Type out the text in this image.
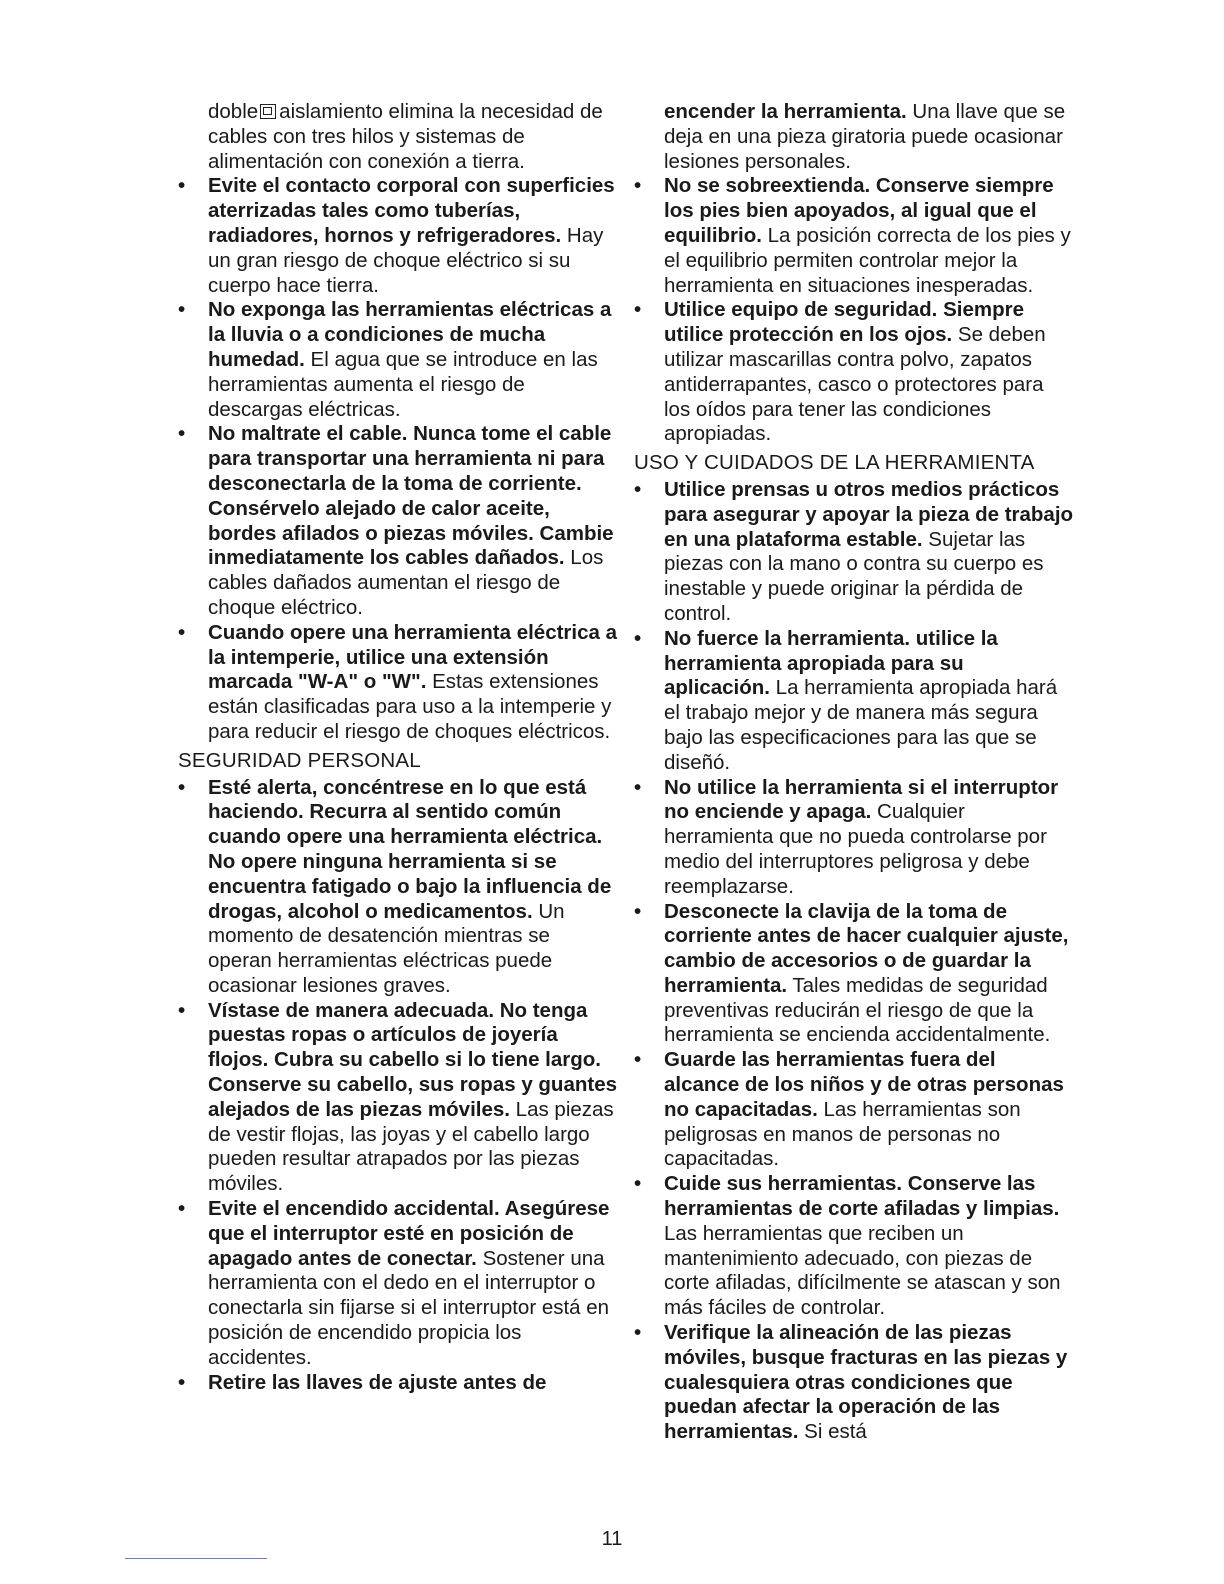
doble aislamiento elimina la necesidad de cables con tres hilos y sistemas de alimentación con conexión a tierra.

•	Evite el contacto corporal con superficies aterrizadas tales como tuberías, radiadores, hornos y refrigeradores. Hay un gran riesgo de choque eléctrico si su cuerpo hace tierra.

•	No exponga las herramientas eléctricas a la lluvia o a condiciones de mucha humedad. El agua que se introduce en las herramientas aumenta el riesgo de descargas eléctricas.

•	No maltrate el cable. Nunca tome el cable para transportar una herramienta ni para desconectarla de la toma de corriente. Consérvelo alejado de calor aceite, bordes afilados o piezas móviles. Cambie inmediatamente los cables dañados. Los cables dañados aumentan el riesgo de choque eléctrico.

•	Cuando opere una herramienta eléctrica a la intemperie, utilice una extensión marcada "W-A" o "W". Estas extensiones están clasificadas para uso a la intemperie y para reducir el riesgo de choques eléctricos.

SEGURIDAD PERSONAL

•	Esté alerta, concéntrese en lo que está haciendo. Recurra al sentido común cuando opere una herramienta eléctrica. No opere ninguna herramienta si se encuentra fatigado o bajo la influencia de drogas, alcohol o medicamentos. Un momento de desatención mientras se operan herramientas eléctricas puede ocasionar lesiones graves.

•	Vístase de manera adecuada. No tenga puestas ropas o artículos de joyería flojos. Cubra su cabello si lo tiene largo. Conserve su cabello, sus ropas y guantes alejados de las piezas móviles. Las piezas de vestir flojas, las joyas y el cabello largo pueden resultar atrapados por las piezas móviles.

•	Evite el encendido accidental. Asegúrese que el interruptor esté en posición de apagado antes de conectar. Sostener una herramienta con el dedo en el interruptor o conectarla sin fijarse si el interruptor está en posición de encendido propicia los accidentes.

•	Retire las llaves de ajuste antes de

encender la herramienta. Una llave que se deja en una pieza giratoria puede ocasionar lesiones personales.

•	No se sobreextienda. Conserve siempre los pies bien apoyados, al igual que el equilibrio. La posición correcta de los pies y el equilibrio permiten controlar mejor la herramienta en situaciones inesperadas.

•	Utilice equipo de seguridad. Siempre utilice protección en los ojos. Se deben utilizar mascarillas contra polvo, zapatos antiderrapantes, casco o protectores para los oídos para tener las condiciones apropiadas.

USO Y CUIDADOS DE LA HERRAMIENTA

•	Utilice prensas u otros medios prácticos para asegurar y apoyar la pieza de trabajo en una plataforma estable. Sujetar las piezas con la mano o contra su cuerpo es inestable y puede originar la pérdida de control.

•	No fuerce la herramienta. utilice la herramienta apropiada para su aplicación. La herramienta apropiada hará el trabajo mejor y de manera más segura bajo las especificaciones para las que se diseñó.

•	No utilice la herramienta si el interruptor no enciende y apaga. Cualquier herramienta que no pueda controlarse por medio del interruptores peligrosa y debe reemplazarse.

•	Desconecte la clavija de la toma de corriente antes de hacer cualquier ajuste, cambio de accesorios o de guardar la herramienta. Tales medidas de seguridad preventivas reducirán el riesgo de que la herramienta se encienda accidentalmente.

•	Guarde las herramientas fuera del alcance de los niños y de otras personas no capacitadas. Las herramientas son peligrosas en manos de personas no capacitadas.

•	Cuide sus herramientas. Conserve las herramientas de corte afiladas y limpias. Las herramientas que reciben un mantenimiento adecuado, con piezas de corte afiladas, difícilmente se atascan y son más fáciles de controlar.

•	Verifique la alineación de las piezas móviles, busque fracturas en las piezas y cualesquiera otras condiciones que puedan afectar la operación de las herramientas. Si está

11
